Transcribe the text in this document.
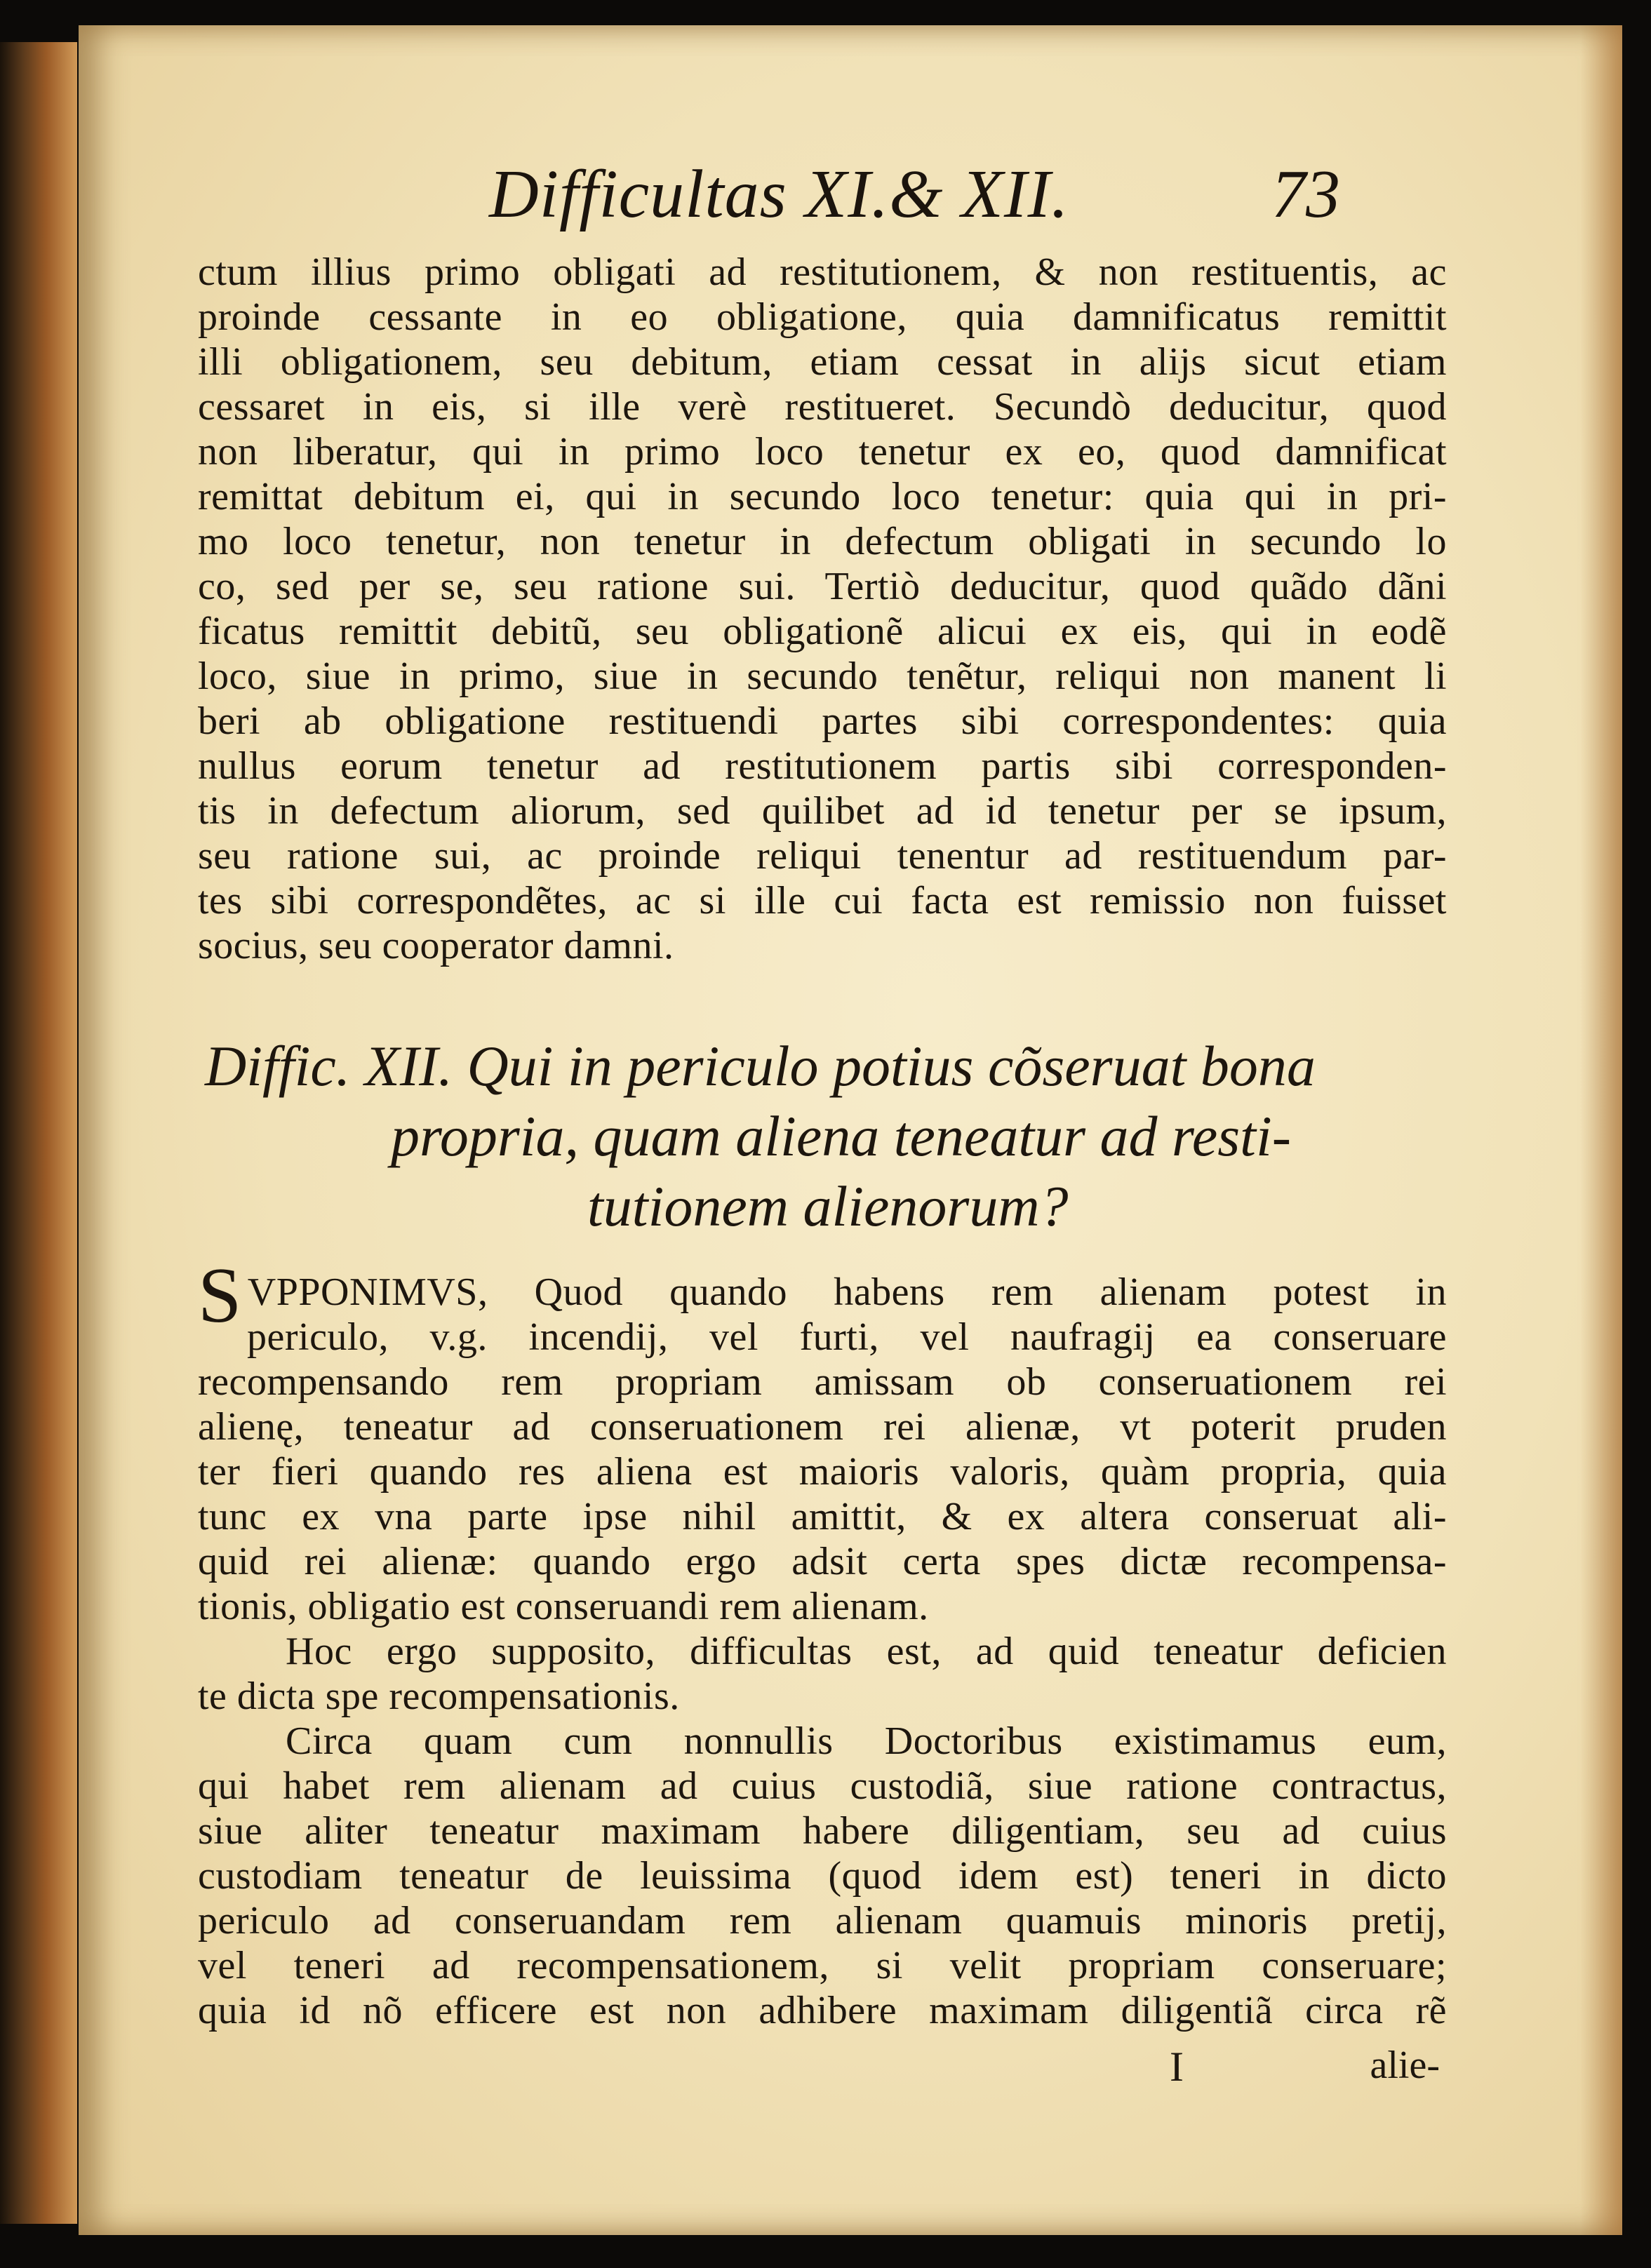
Difficultas XI.& XII.	73
ctum illius primo obligati ad restitutionem, & non restituentis, ac
proinde cessante in eo obligatione, quia damnificatus remittit
illi obligationem, seu debitum, etiam cessat in alijs sicut etiam
cessaret in eis, si ille verè restitueret. Secundò deducitur, quod
non liberatur, qui in primo loco tenetur ex eo, quod damnificat
remittat debitum ei, qui in secundo loco tenetur: quia qui in pri-
mo loco tenetur, non tenetur in defectum obligati in secundo lo
co, sed per se, seu ratione sui. Tertiò deducitur, quod quãdo dãni
ficatus remittit debitũ, seu obligationẽ alicui ex eis, qui in eodẽ
loco, siue in primo, siue in secundo tenẽtur, reliqui non manent li
beri ab obligatione restituendi partes sibi correspondentes: quia
nullus eorum tenetur ad restitutionem partis sibi corresponden-
tis in defectum aliorum, sed quilibet ad id tenetur per se ipsum,
seu ratione sui, ac proinde reliqui tenentur ad restituendum par-
tes sibi correspondẽtes, ac si ille cui facta est remissio non fuisset
socius, seu cooperator damni.
Diffic. XII. Qui in periculo potius cõseruat bona
propria, quam aliena teneatur ad resti-
tutionem alienorum?
SVPPONIMVS, Quod quando habens rem alienam potest in
periculo, v.g. incendij, vel furti, vel naufragij ea conseruare
recompensando rem propriam amissam ob conseruationem rei
alienę, teneatur ad conseruationem rei alienæ, vt poterit pruden
ter fieri quando res aliena est maioris valoris, quàm propria, quia
tunc ex vna parte ipse nihil amittit, & ex altera conseruat ali-
quid rei alienæ: quando ergo adsit certa spes dictæ recompensa-
tionis, obligatio est conseruandi rem alienam.
Hoc ergo supposito, difficultas est, ad quid teneatur deficien
te dicta spe recompensationis.
Circa quam cum nonnullis Doctoribus existimamus eum,
qui habet rem alienam ad cuius custodiã, siue ratione contractus,
siue aliter teneatur maximam habere diligentiam, seu ad cuius
custodiam teneatur de leuissima (quod idem est) teneri in dicto
periculo ad conseruandam rem alienam quamuis minoris pretij,
vel teneri ad recompensationem, si velit propriam conseruare;
quia id nõ efficere est non adhibere maximam diligentiã circa rẽ
I	alie-
